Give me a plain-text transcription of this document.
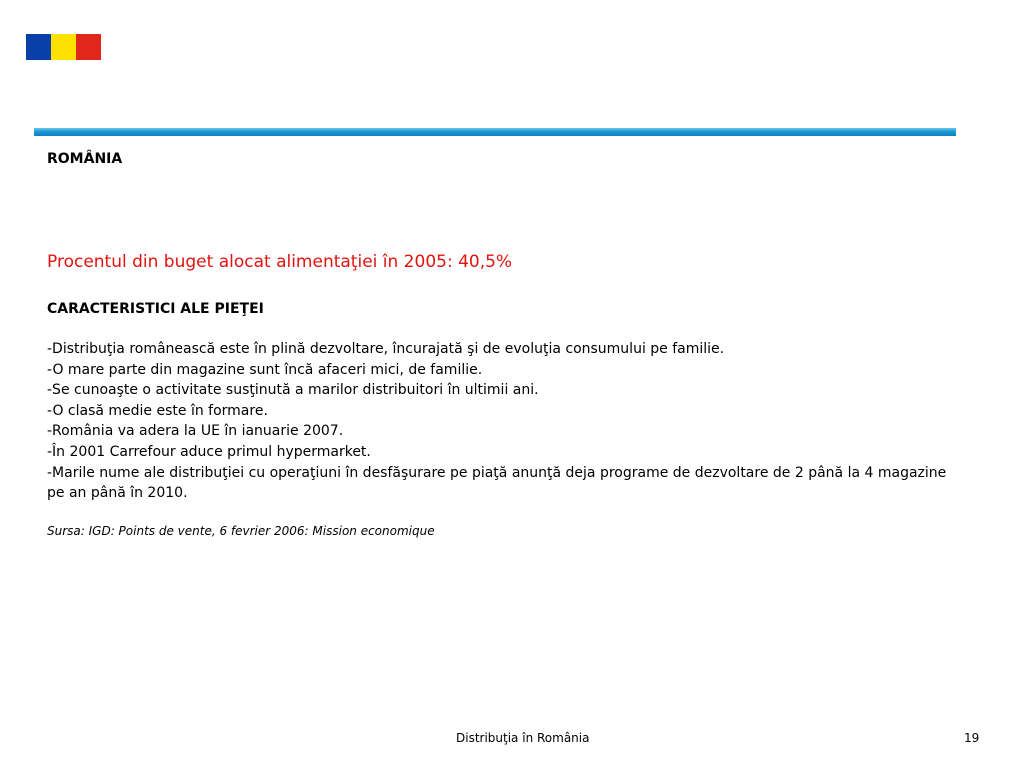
ROMÂNIA
Procentul din buget alocat alimentaţiei în 2005: 40,5%
CARACTERISTICI ALE PIEŢEI
-Distribuţia românească este în plină dezvoltare, încurajată şi de evoluţia consumului pe familie.
-O mare parte din magazine sunt încă afaceri mici, de familie.
-Se cunoaşte o activitate susţinută a marilor distribuitori în ultimii ani.
-O clasă medie este în formare.
-România va adera la UE în ianuarie 2007.
-În 2001 Carrefour aduce primul hypermarket.
-Marile nume ale distribuţiei cu operaţiuni în desfăşurare pe piaţă anunţă deja programe de dezvoltare de 2 până la 4 magazine pe an până în 2010.
Sursa: IGD: Points de vente, 6 fevrier 2006: Mission economique
Distribuţia în România	19
